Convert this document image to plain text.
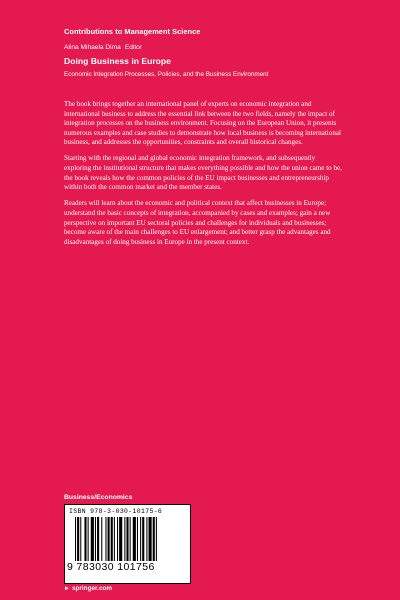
Contributions to Management Science
Alina Mihaela Dima Editor
Doing Business in Europe
Economic Integration Processes, Policies, and the Business Environment

The book brings together an international panel of experts on economic integration and international business to address the essential link between the two fields, namely the impact of integration processes on the business environment. Focusing on the European Union, it presents numerous examples and case studies to demonstrate how local business is becoming international business, and addresses the opportunities, constraints and overall historical changes.

Starting with the regional and global economic integration framework, and subsequently exploring the institutional structure that makes everything possible and how the union came to be, the book reveals how the common policies of the EU impact businesses and entrepreneurship within both the common market and the member states.

Readers will learn about the economic and political context that affect businesses in Europe; understand the basic concepts of integration, accompanied by cases and examples; gain a new perspective on important EU sectoral policies and challenges for individuals and businesses; become aware of the main challenges to EU enlargement; and better grasp the advantages and disadvantages of doing business in Europe in the present context.

Business/Economics
ISBN 978-3-030-10175-6
9 783030 101756
► springer.com
